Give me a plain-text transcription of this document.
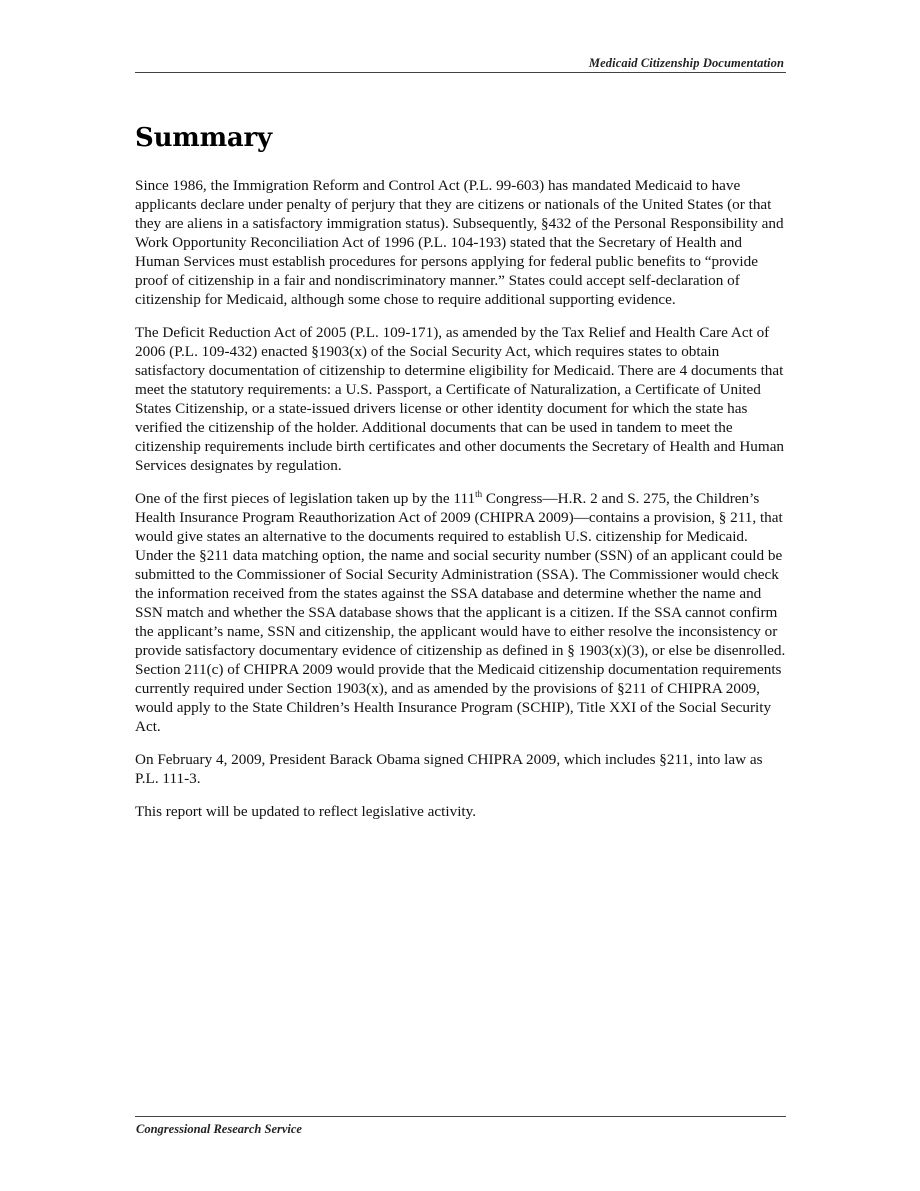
Medicaid Citizenship Documentation
Summary

Since 1986, the Immigration Reform and Control Act (P.L. 99-603) has mandated Medicaid to have applicants declare under penalty of perjury that they are citizens or nationals of the United States (or that they are aliens in a satisfactory immigration status). Subsequently, §432 of the Personal Responsibility and Work Opportunity Reconciliation Act of 1996 (P.L. 104-193) stated that the Secretary of Health and Human Services must establish procedures for persons applying for federal public benefits to “provide proof of citizenship in a fair and nondiscriminatory manner.” States could accept self-declaration of citizenship for Medicaid, although some chose to require additional supporting evidence.

The Deficit Reduction Act of 2005 (P.L. 109-171), as amended by the Tax Relief and Health Care Act of 2006 (P.L. 109-432) enacted §1903(x) of the Social Security Act, which requires states to obtain satisfactory documentation of citizenship to determine eligibility for Medicaid. There are 4 documents that meet the statutory requirements: a U.S. Passport, a Certificate of Naturalization, a Certificate of United States Citizenship, or a state-issued drivers license or other identity document for which the state has verified the citizenship of the holder. Additional documents that can be used in tandem to meet the citizenship requirements include birth certificates and other documents the Secretary of Health and Human Services designates by regulation.

One of the first pieces of legislation taken up by the 111th Congress—H.R. 2 and S. 275, the Children’s Health Insurance Program Reauthorization Act of 2009 (CHIPRA 2009)—contains a provision, § 211, that would give states an alternative to the documents required to establish U.S. citizenship for Medicaid. Under the §211 data matching option, the name and social security number (SSN) of an applicant could be submitted to the Commissioner of Social Security Administration (SSA). The Commissioner would check the information received from the states against the SSA database and determine whether the name and SSN match and whether the SSA database shows that the applicant is a citizen. If the SSA cannot confirm the applicant’s name, SSN and citizenship, the applicant would have to either resolve the inconsistency or provide satisfactory documentary evidence of citizenship as defined in § 1903(x)(3), or else be disenrolled. Section 211(c) of CHIPRA 2009 would provide that the Medicaid citizenship documentation requirements currently required under Section 1903(x), and as amended by the provisions of §211 of CHIPRA 2009, would apply to the State Children’s Health Insurance Program (SCHIP), Title XXI of the Social Security Act.

On February 4, 2009, President Barack Obama signed CHIPRA 2009, which includes §211, into law as P.L. 111-3.

This report will be updated to reflect legislative activity.

Congressional Research Service
